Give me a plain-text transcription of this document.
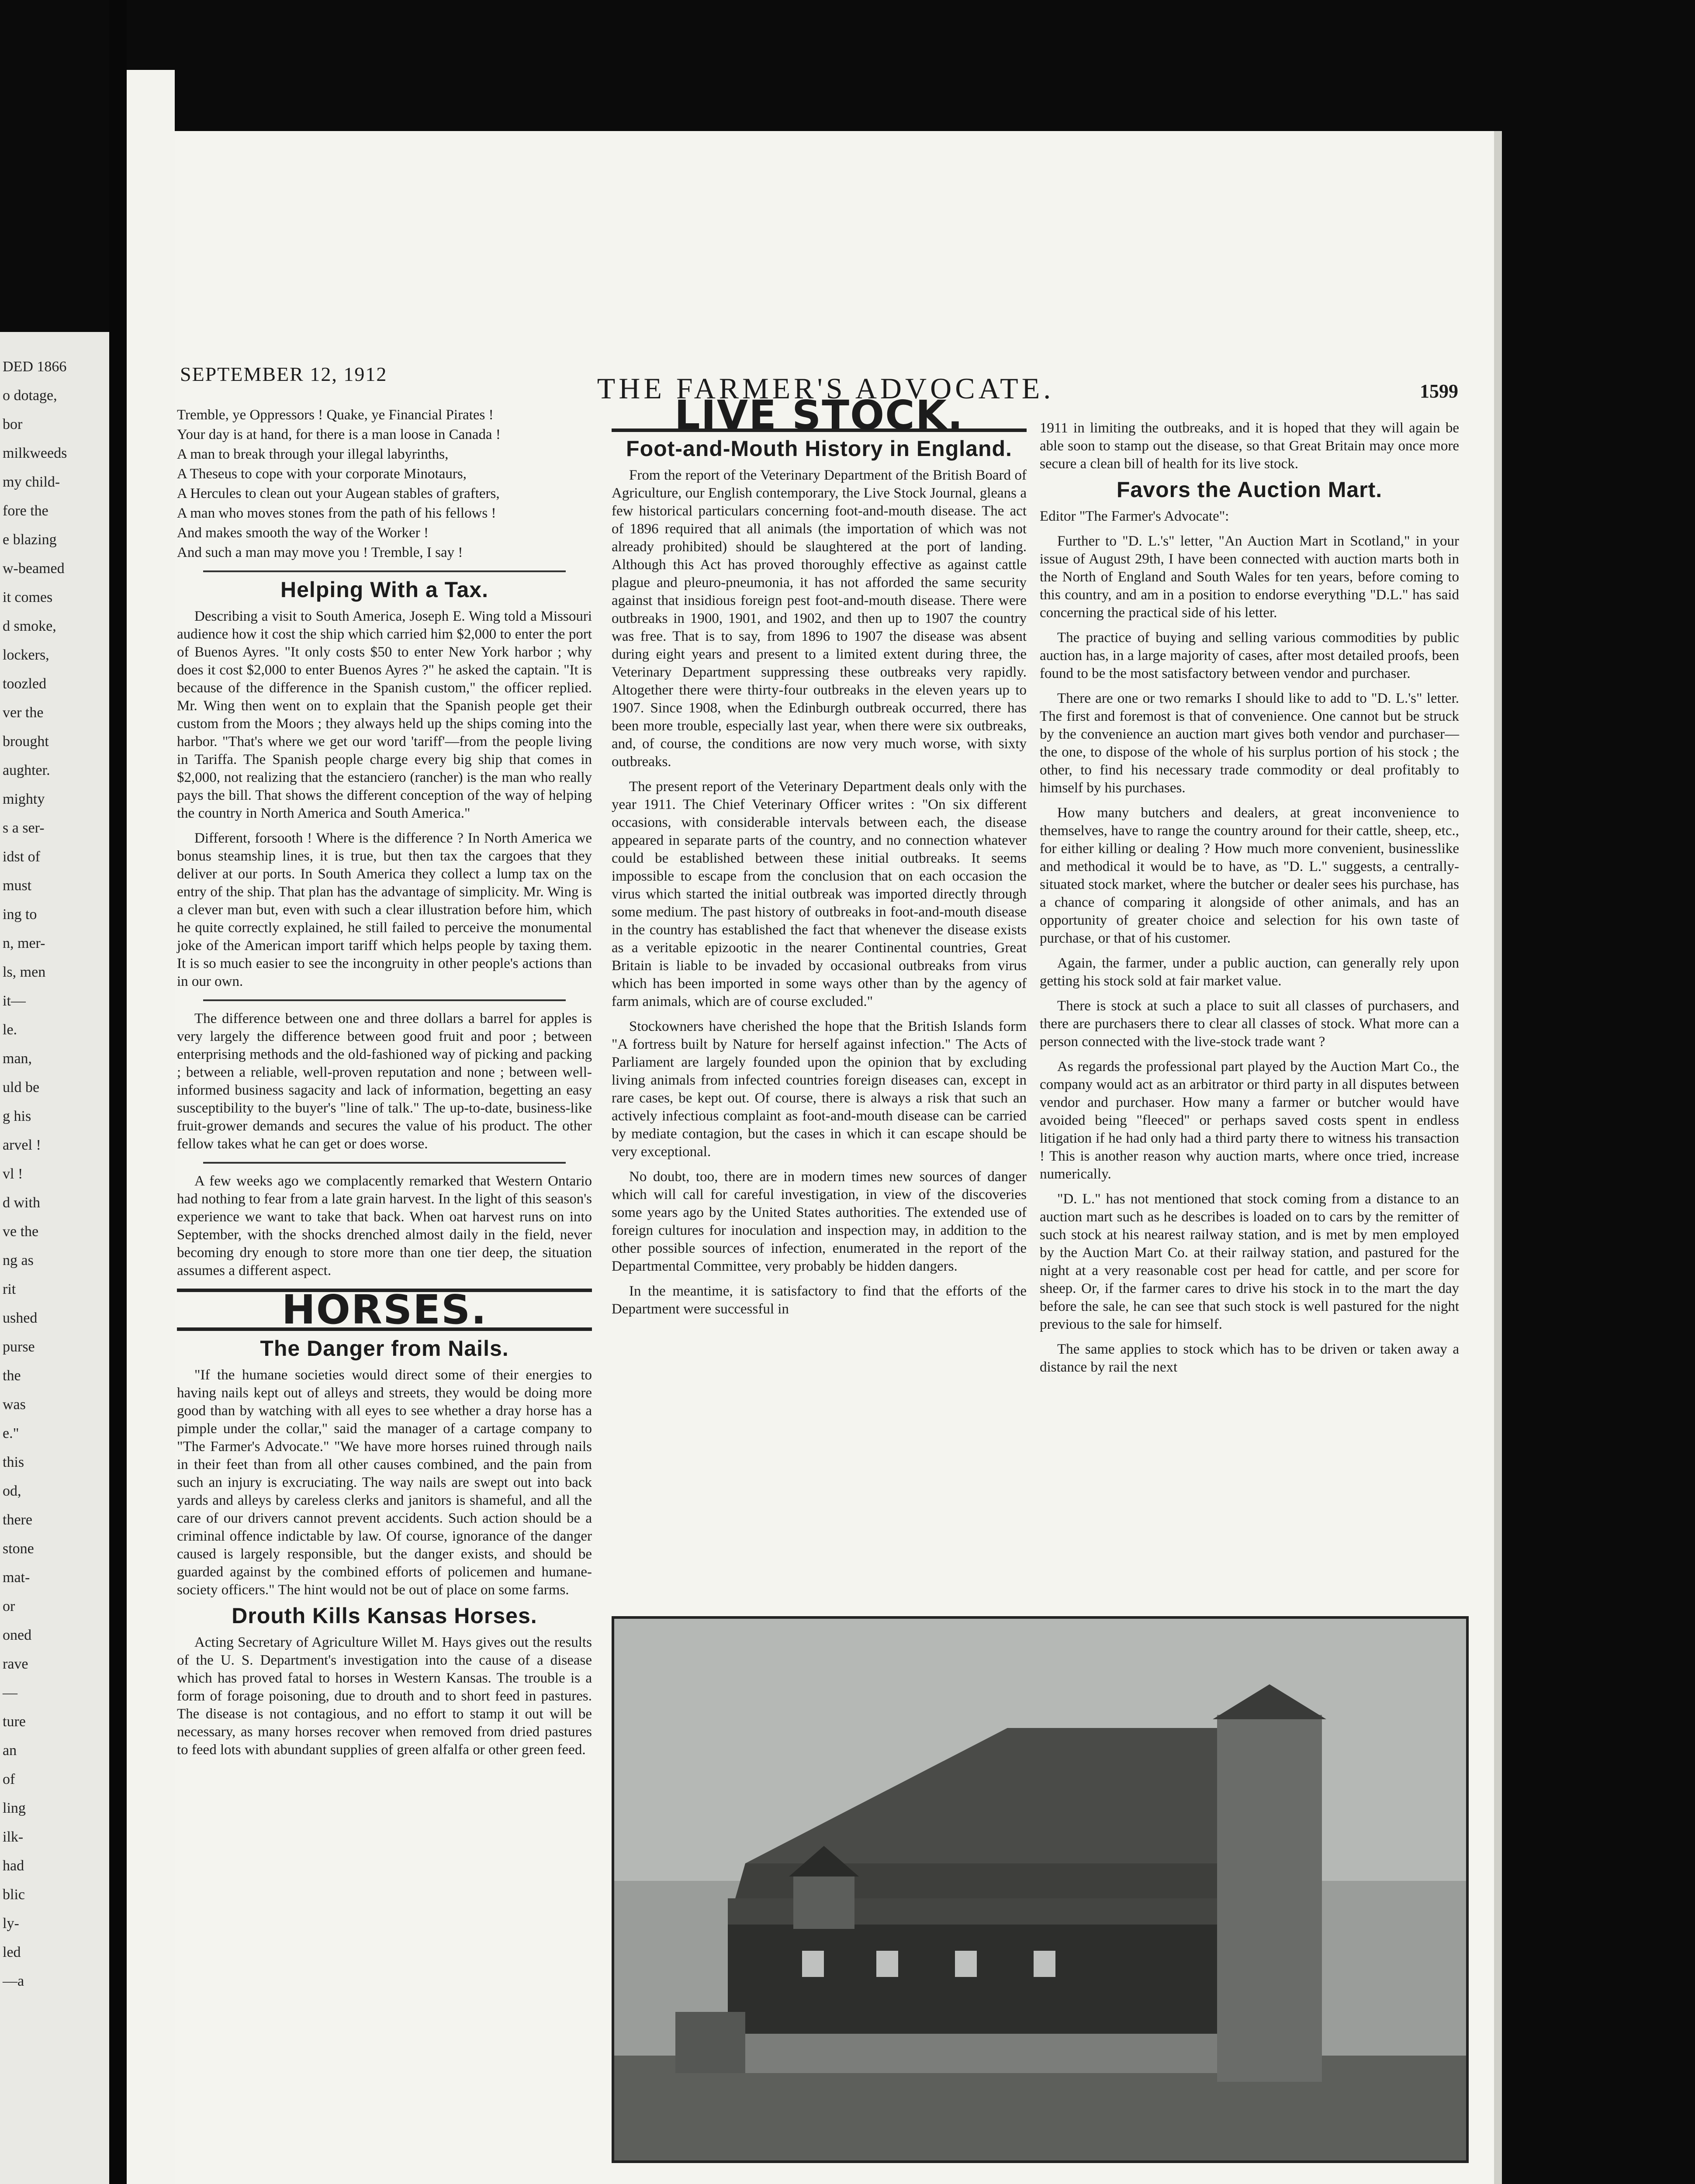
DED 1866
o dotage,
bor
milkweeds
my child-
fore the
e blazing
w-beamed
it comes
d smoke,
lockers,
toozled
ver the
brought
aughter.
mighty
s a ser-
idst of
must
ing to
n, mer-
ls, men
it—
le.
man,
uld be
g his
arvel !
vl !
d with
ve the
ng as
rit
ushed
purse
the
was
e."
this
od,
there
stone
mat-
or
oned
rave
—
ture
an
of
ling
ilk-
had
blic
ly-
led
—a
SEPTEMBER 12, 1912	THE FARMER'S ADVOCATE.	1599

Tremble, ye Oppressors ! Quake, ye Financial Pirates !

Your day is at hand, for there is a man loose in Canada !

A man to break through your illegal labyrinths,

A Theseus to cope with your corporate Minotaurs,

A Hercules to clean out your Augean stables of grafters,

A man who moves stones from the path of his fellows !

And makes smooth the way of the Worker !

And such a man may move you ! Tremble, I say !

Helping With a Tax.

Describing a visit to South America, Joseph E. Wing told a Missouri audience how it cost the ship which carried him $2,000 to enter the port of Buenos Ayres. "It only costs $50 to enter New York harbor ; why does it cost $2,000 to enter Buenos Ayres ?" he asked the captain. "It is because of the difference in the Spanish custom," the officer replied. Mr. Wing then went on to explain that the Spanish people get their custom from the Moors ; they always held up the ships coming into the harbor. "That's where we get our word 'tariff'—from the people living in Tariffa. The Spanish people charge every big ship that comes in $2,000, not realizing that the estanciero (rancher) is the man who really pays the bill. That shows the different conception of the way of helping the country in North America and South America."

Different, forsooth ! Where is the difference ? In North America we bonus steamship lines, it is true, but then tax the cargoes that they deliver at our ports. In South America they collect a lump tax on the entry of the ship. That plan has the advantage of simplicity. Mr. Wing is a clever man but, even with such a clear illustration before him, which he quite correctly explained, he still failed to perceive the monumental joke of the American import tariff which helps people by taxing them. It is so much easier to see the incongruity in other people's actions than in our own.

The difference between one and three dollars a barrel for apples is very largely the difference between good fruit and poor ; between enterprising methods and the old-fashioned way of picking and packing ; between a reliable, well-proven reputation and none ; between well-informed business sagacity and lack of information, begetting an easy susceptibility to the buyer's "line of talk." The up-to-date, business-like fruit-grower demands and secures the value of his product. The other fellow takes what he can get or does worse.

A few weeks ago we complacently remarked that Western Ontario had nothing to fear from a late grain harvest. In the light of this season's experience we want to take that back. When oat harvest runs on into September, with the shocks drenched almost daily in the field, never becoming dry enough to store more than one tier deep, the situation assumes a different aspect.

HORSES.
The Danger from Nails.

"If the humane societies would direct some of their energies to having nails kept out of alleys and streets, they would be doing more good than by watching with all eyes to see whether a dray horse has a pimple under the collar," said the manager of a cartage company to "The Farmer's Advocate." "We have more horses ruined through nails in their feet than from all other causes combined, and the pain from such an injury is excruciating. The way nails are swept out into back yards and alleys by careless clerks and janitors is shameful, and all the care of our drivers cannot prevent accidents. Such action should be a criminal offence indictable by law. Of course, ignorance of the danger caused is largely responsible, but the danger exists, and should be guarded against by the combined efforts of policemen and humane-society officers." The hint would not be out of place on some farms.

Drouth Kills Kansas Horses.

Acting Secretary of Agriculture Willet M. Hays gives out the results of the U. S. Department's investigation into the cause of a disease which has proved fatal to horses in Western Kansas. The trouble is a form of forage poisoning, due to drouth and to short feed in pastures. The disease is not contagious, and no effort to stamp it out will be necessary, as many horses recover when removed from dried pastures to feed lots with abundant supplies of green alfalfa or other green feed.

LIVE STOCK.
Foot-and-Mouth History in England.

From the report of the Veterinary Department of the British Board of Agriculture, our English contemporary, the Live Stock Journal, gleans a few historical particulars concerning foot-and-mouth disease. The act of 1896 required that all animals (the importation of which was not already prohibited) should be slaughtered at the port of landing. Although this Act has proved thoroughly effective as against cattle plague and pleuro-pneumonia, it has not afforded the same security against that insidious foreign pest foot-and-mouth disease. There were outbreaks in 1900, 1901, and 1902, and then up to 1907 the country was free. That is to say, from 1896 to 1907 the disease was absent during eight years and present to a limited extent during three, the Veterinary Department suppressing these outbreaks very rapidly. Altogether there were thirty-four outbreaks in the eleven years up to 1907. Since 1908, when the Edinburgh outbreak occurred, there has been more trouble, especially last year, when there were six outbreaks, and, of course, the conditions are now very much worse, with sixty outbreaks.

The present report of the Veterinary Department deals only with the year 1911. The Chief Veterinary Officer writes : "On six different occasions, with considerable intervals between each, the disease appeared in separate parts of the country, and no connection whatever could be established between these initial outbreaks. It seems impossible to escape from the conclusion that on each occasion the virus which started the initial outbreak was imported directly through some medium. The past history of outbreaks in foot-and-mouth disease in the country has established the fact that whenever the disease exists as a veritable epizootic in the nearer Continental countries, Great Britain is liable to be invaded by occasional outbreaks from virus which has been imported in some ways other than by the agency of farm animals, which are of course excluded."

Stockowners have cherished the hope that the British Islands form "A fortress built by Nature for herself against infection." The Acts of Parliament are largely founded upon the opinion that by excluding living animals from infected countries foreign diseases can, except in rare cases, be kept out. Of course, there is always a risk that such an actively infectious complaint as foot-and-mouth disease can be carried by mediate contagion, but the cases in which it can escape should be very exceptional.

No doubt, too, there are in modern times new sources of danger which will call for careful investigation, in view of the discoveries some years ago by the United States authorities. The extended use of foreign cultures for inoculation and inspection may, in addition to the other possible sources of infection, enumerated in the report of the Departmental Committee, very probably be hidden dangers.

In the meantime, it is satisfactory to find that the efforts of the Department were successful in

1911 in limiting the outbreaks, and it is hoped that they will again be able soon to stamp out the disease, so that Great Britain may once more secure a clean bill of health for its live stock.

Favors the Auction Mart.

Editor "The Farmer's Advocate":

Further to "D. L.'s" letter, "An Auction Mart in Scotland," in your issue of August 29th, I have been connected with auction marts both in the North of England and South Wales for ten years, before coming to this country, and am in a position to endorse everything "D.L." has said concerning the practical side of his letter.

The practice of buying and selling various commodities by public auction has, in a large majority of cases, after most detailed proofs, been found to be the most satisfactory between vendor and purchaser.

There are one or two remarks I should like to add to "D. L.'s" letter. The first and foremost is that of convenience. One cannot but be struck by the convenience an auction mart gives both vendor and purchaser—the one, to dispose of the whole of his surplus portion of his stock ; the other, to find his necessary trade commodity or deal profitably to himself by his purchases.

How many butchers and dealers, at great inconvenience to themselves, have to range the country around for their cattle, sheep, etc., for either killing or dealing ? How much more convenient, businesslike and methodical it would be to have, as "D. L." suggests, a centrally-situated stock market, where the butcher or dealer sees his purchase, has a chance of comparing it alongside of other animals, and has an opportunity of greater choice and selection for his own taste of purchase, or that of his customer.

Again, the farmer, under a public auction, can generally rely upon getting his stock sold at fair market value.

There is stock at such a place to suit all classes of purchasers, and there are purchasers there to clear all classes of stock. What more can a person connected with the live-stock trade want ?

As regards the professional part played by the Auction Mart Co., the company would act as an arbitrator or third party in all disputes between vendor and purchaser. How many a farmer or butcher would have avoided being "fleeced" or perhaps saved costs spent in endless litigation if he had only had a third party there to witness his transaction ! This is another reason why auction marts, where once tried, increase numerically.

"D. L." has not mentioned that stock coming from a distance to an auction mart such as he describes is loaded on to cars by the remitter of such stock at his nearest railway station, and is met by men employed by the Auction Mart Co. at their railway station, and pastured for the night at a very reasonable cost per head for cattle, and per score for sheep. Or, if the farmer cares to drive his stock in to the mart the day before the sale, he can see that such stock is well pastured for the night previous to the sale for himself.

The same applies to stock which has to be driven or taken away a distance by rail the next
